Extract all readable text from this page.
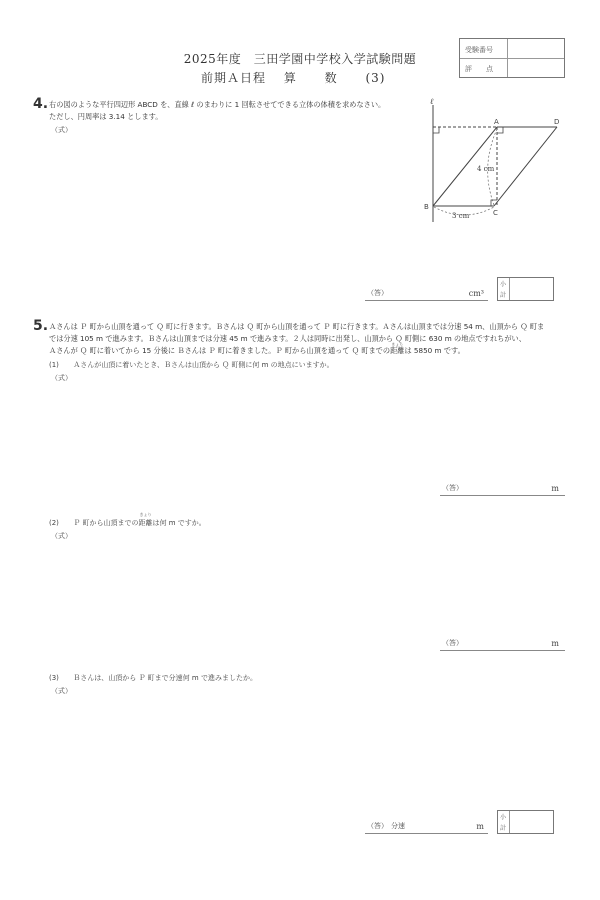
2025年度　三田学園中学校入学試験問題
前期Ａ日程 算 数 (3)
受験番号
評　　点
4. 右の図のような平行四辺形 ABCD を、直線 ℓ のまわりに 1 回転させてできる立体の体積を求めなさい。
ただし、円周率は 3.14 とします。
（式）
ℓ
A	D
B
C
4 cm
3 cm
（答）	cm³
小計
5. Ａさんは Ｐ 町から山頂を通って Ｑ 町に行きます。Ｂさんは Ｑ 町から山頂を通って Ｐ 町に行きます。Ａさんは山頂までは分速 54 m、山頂から Ｑ 町ま
では分速 105 m で進みます。Ｂさんは山頂までは分速 45 m で進みます。２人は同時に出発し、山頂から Ｑ 町側に 630 m の地点ですれちがい、
Ａさんが Ｑ 町に着いてから 15 分後に Ｂさんは Ｐ 町に着きました。Ｐ 町から山頂を通って Ｑ 町までの
きょり
距離は 5850 m です。
(1) Ａさんが山頂に着いたとき、Ｂさんは山頂から Ｑ 町側に何 m の地点にいますか。
（式）
（答）	m
(2) Ｐ 町から山頂までの
きょり
距離は何 m ですか。
（式）
（答）	m
(3) Ｂさんは、山頂から Ｐ 町まで分速何 m で進みましたか。
（式）
（答） 分速	m
小計
